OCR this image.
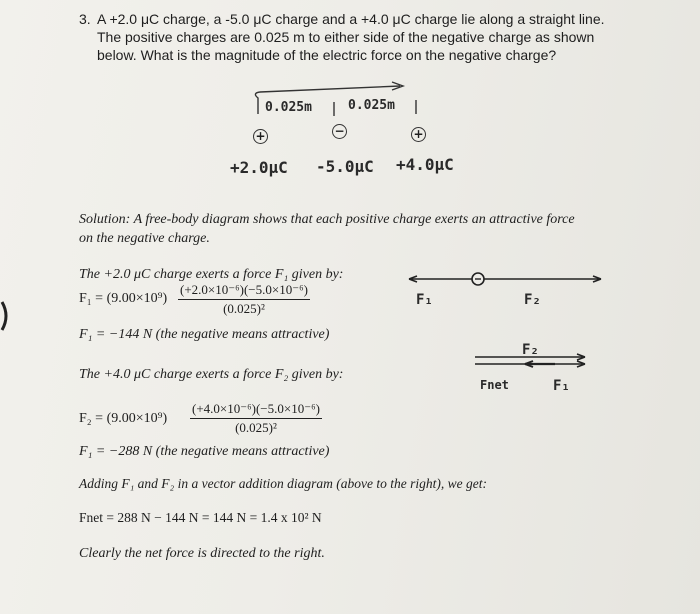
3. A +2.0 μC charge, a -5.0 μC charge and a +4.0 μC charge lie along a straight line.
The positive charges are 0.025 m to either side of the negative charge as shown
below. What is the magnitude of the electric force on the negative charge?
0.025m	0.025m
+	−	+
+2.0μC -5.0μC +4.0μC
Solution: A free-body diagram shows that each positive charge exerts an attractive force
on the negative charge.
The +2.0 μC charge exerts a force F₁ given by:
$F_1 = (9.00\times 10^9) \frac{\text{(+2.0×10⁻⁶)(−5.0×10⁻⁶)}}{\text{(0.025)²}}$
F₁ = −144 N (the negative means attractive)
The +4.0 μC charge exerts a force F₂ given by:
$F_2 = (9.00\times 10^9) \frac{\text{(+4.0×10⁻⁶)(−5.0×10⁻⁶)}}{\text{(0.025)²}}$
F₁ = −288 N (the negative means attractive)
Adding F₁ and F₂ in a vector addition diagram (above to the right), we get:
Fnet = 288 N − 144 N = 144 N = 1.4 x 10² N
Clearly the net force is directed to the right.
F₁	F₂
F₂
Fnet	F₁
